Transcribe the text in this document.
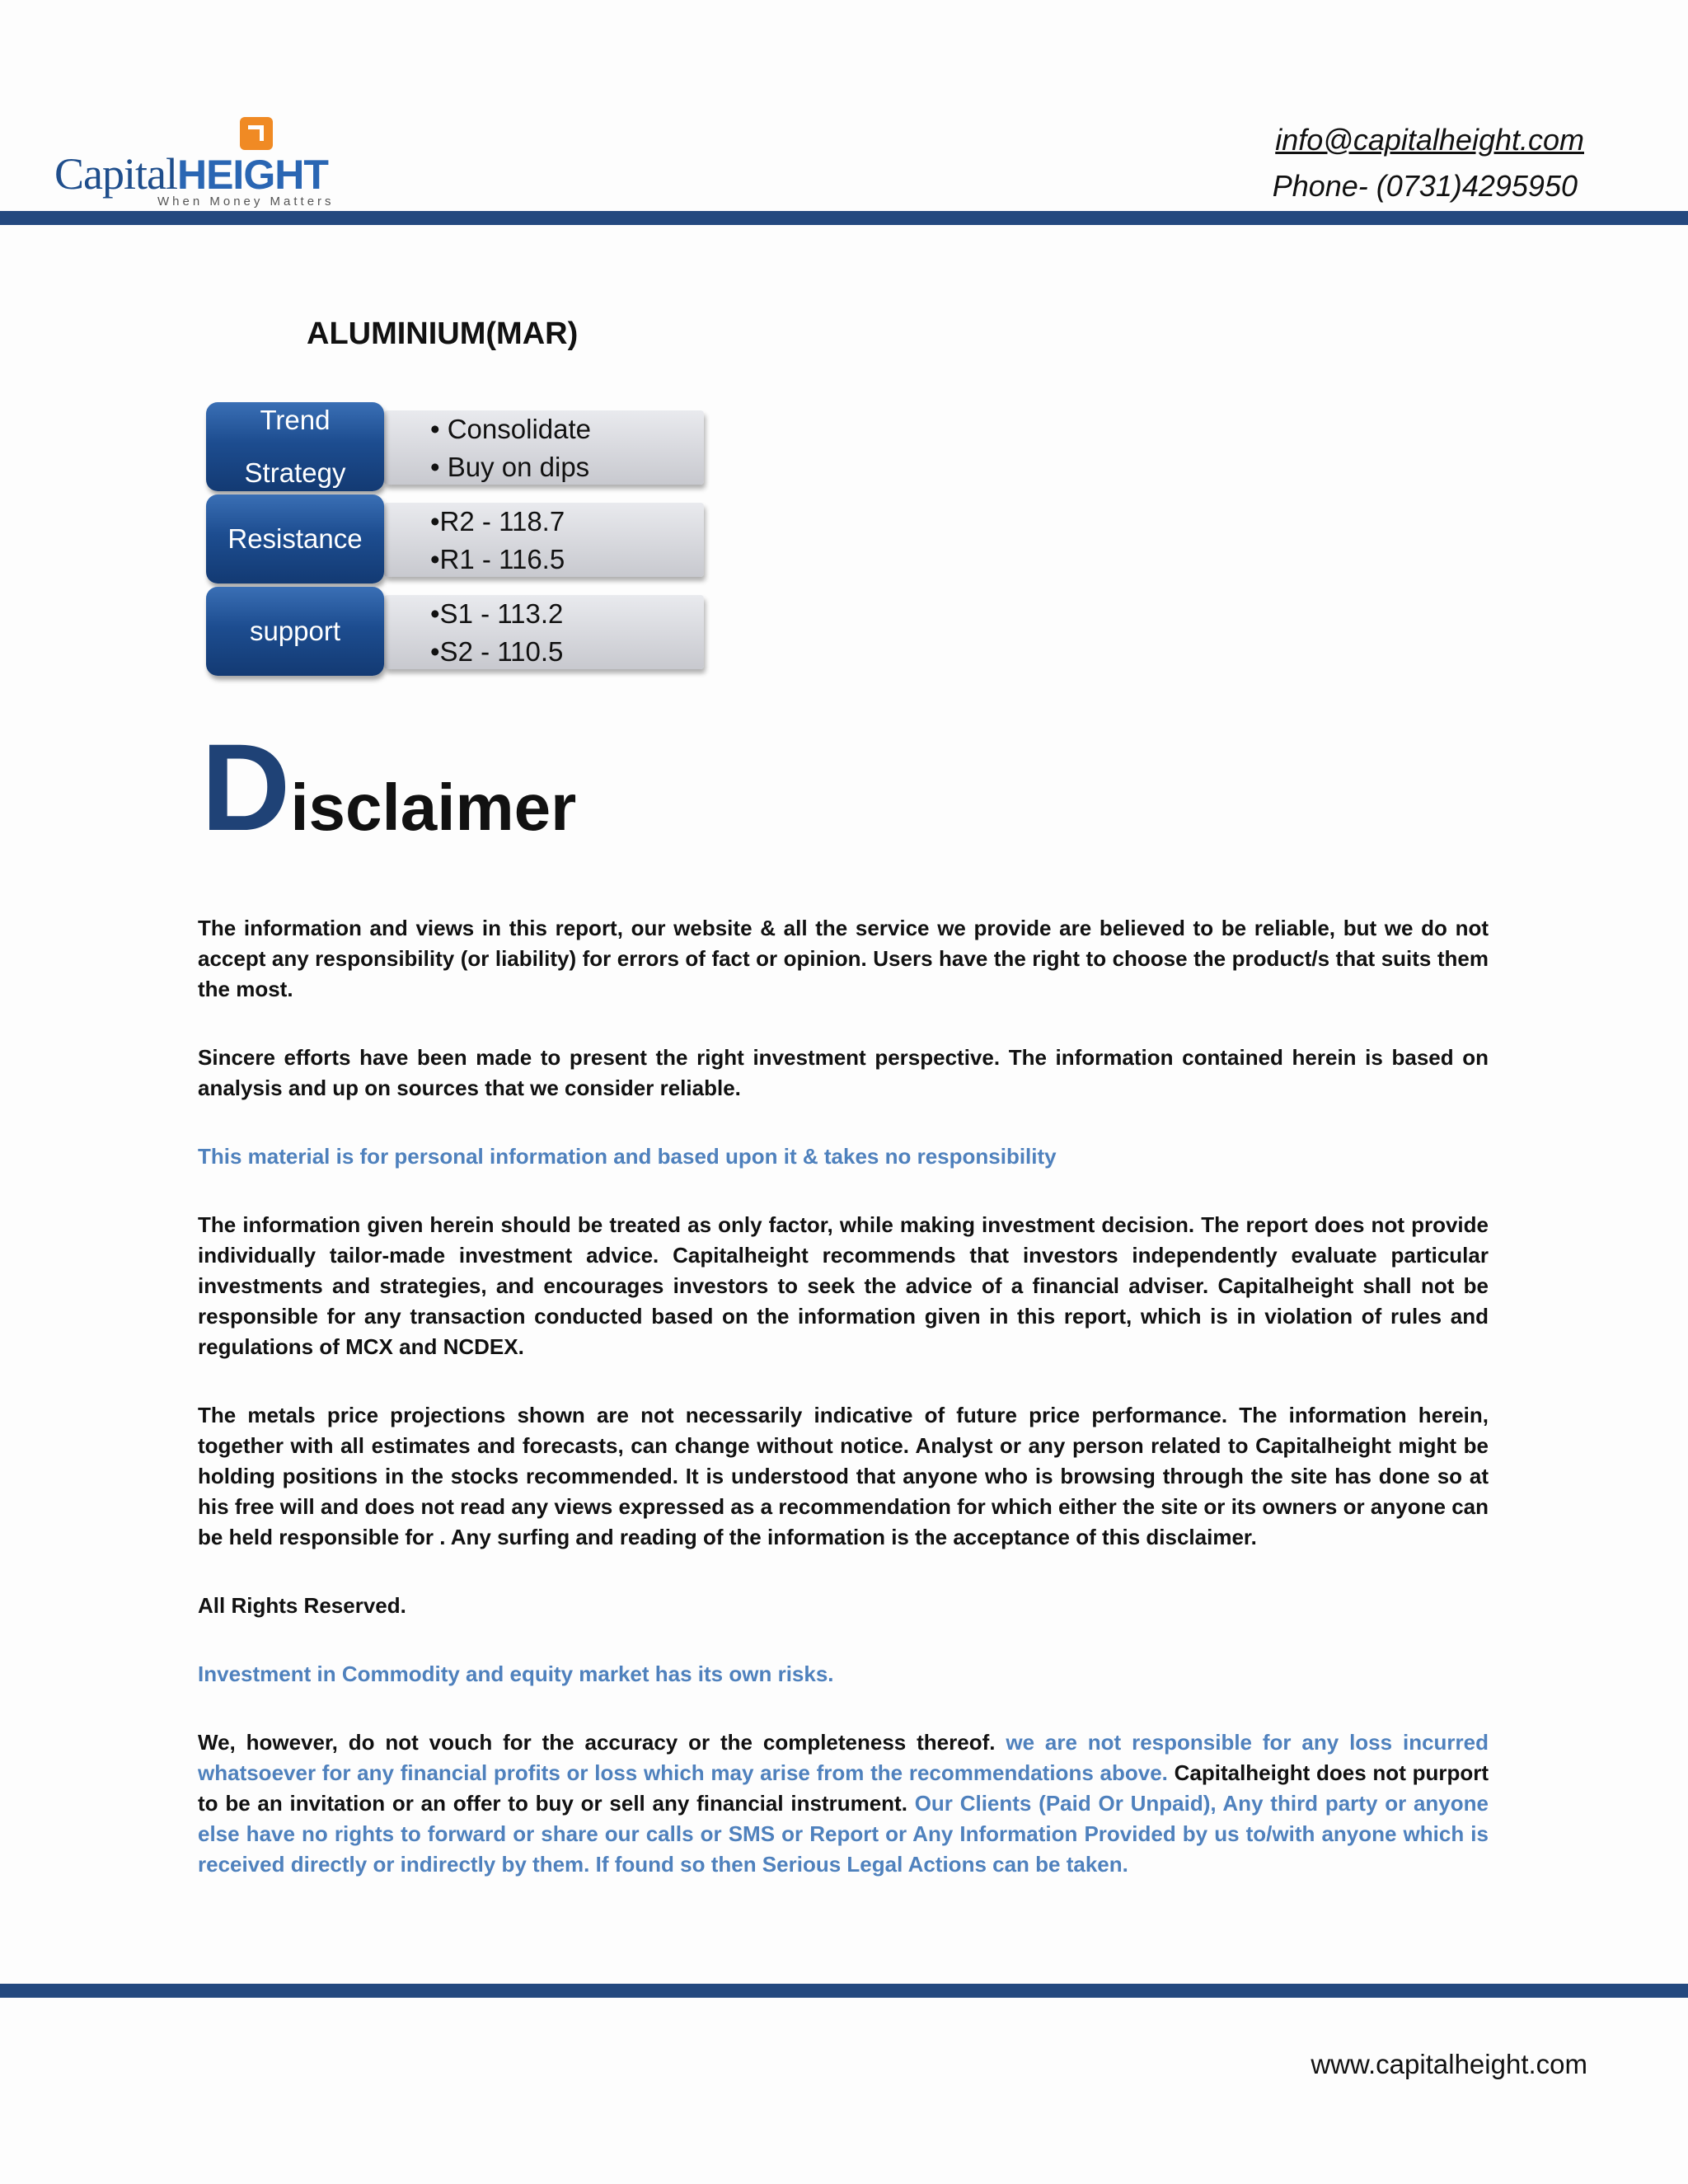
CapitalHEIGHT
When Money Matters
info@capitalheight.com
Phone- (0731)4295950
ALUMINIUM(MAR)
Trend
Strategy
• Consolidate
• Buy on dips
Resistance
•R2 - 118.7
•R1 - 116.5
support
•S1 - 113.2
•S2 - 110.5
Disclaimer

The information and views in this report, our website & all the service we provide are believed to be reliable, but we do not accept any responsibility (or liability) for errors of fact or opinion. Users have the right to choose the product/s that suits them the most.

Sincere efforts have been made to present the right investment perspective. The information contained herein is based on analysis and up on sources that we consider reliable.

This material is for personal information and based upon it & takes no responsibility

The information given herein should be treated as only factor, while making investment decision. The report does not provide individually tailor-made investment advice. Capitalheight recommends that investors independently evaluate particular investments and strategies, and encourages investors to seek the advice of a financial adviser. Capitalheight shall not be responsible for any transaction conducted based on the information given in this report, which is in violation of rules and regulations of MCX and NCDEX.

The metals price projections shown are not necessarily indicative of future price performance. The information herein, together with all estimates and forecasts, can change without notice. Analyst or any person related to Capitalheight might be holding positions in the stocks recommended. It is understood that anyone who is browsing through the site has done so at his free will and does not read any views expressed as a recommendation for which either the site or its owners or anyone can be held responsible for . Any surfing and reading of the information is the acceptance of this disclaimer.

All Rights Reserved.

Investment in Commodity and equity market has its own risks.

We, however, do not vouch for the accuracy or the completeness thereof. we are not responsible for any loss incurred whatsoever for any financial profits or loss which may arise from the recommendations above. Capitalheight does not purport to be an invitation or an offer to buy or sell any financial instrument. Our Clients (Paid Or Unpaid), Any third party or anyone else have no rights to forward or share our calls or SMS or Report or Any Information Provided by us to/with anyone which is received directly or indirectly by them. If found so then Serious Legal Actions can be taken.

www.capitalheight.com
